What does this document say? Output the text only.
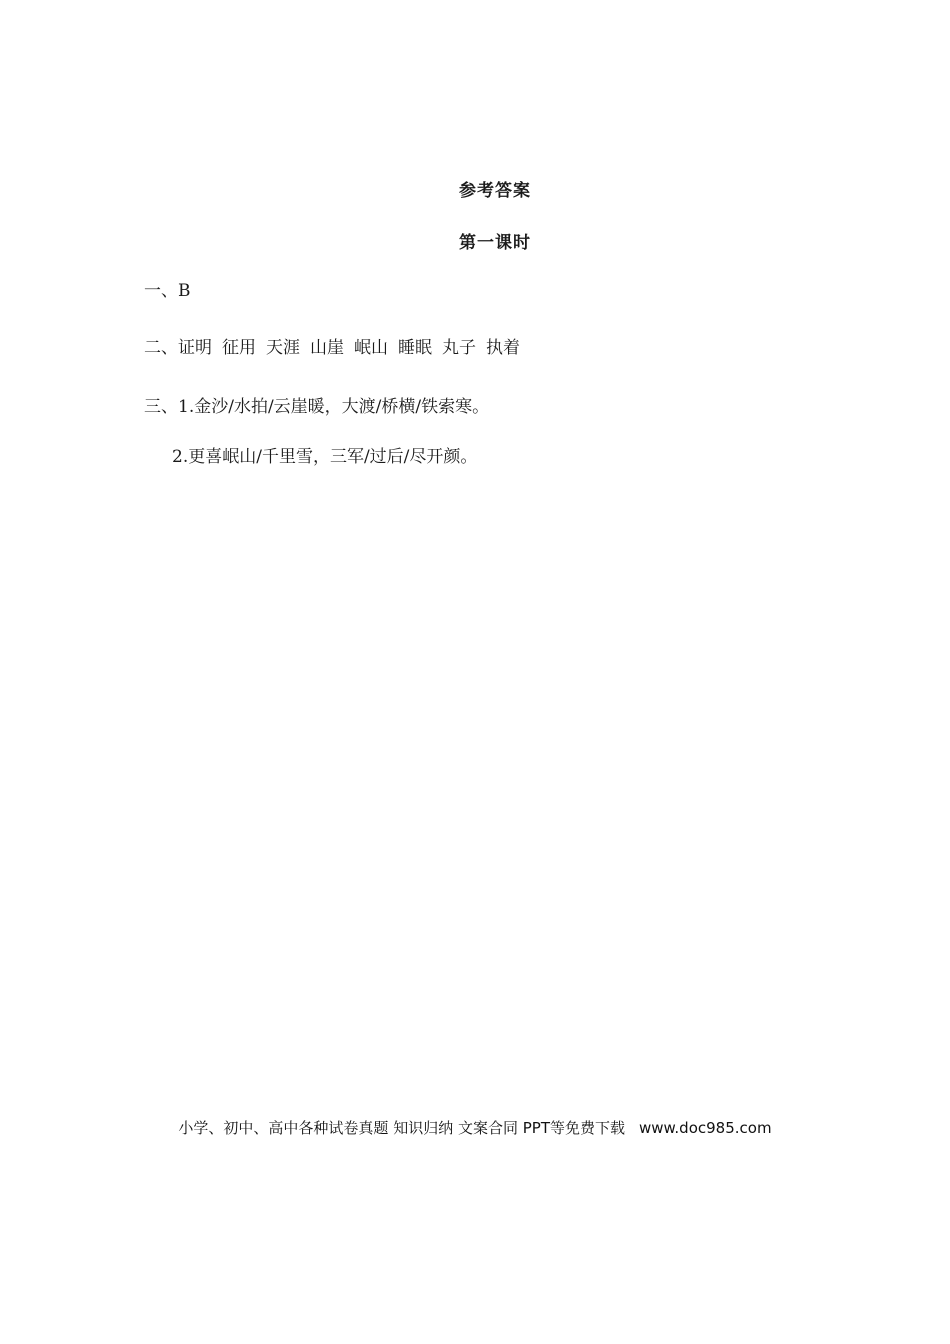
参考答案
第一课时
一、B
二、证明 征用 天涯 山崖 岷山 睡眠 丸子 执着
三、1.金沙/水拍/云崖暖，大渡/桥横/铁索寒。
2.更喜岷山/千里雪，三军/过后/尽开颜。
小学、初中、高中各种试卷真题 知识归纳 文案合同 PPT等免费下载 www.doc985.com
